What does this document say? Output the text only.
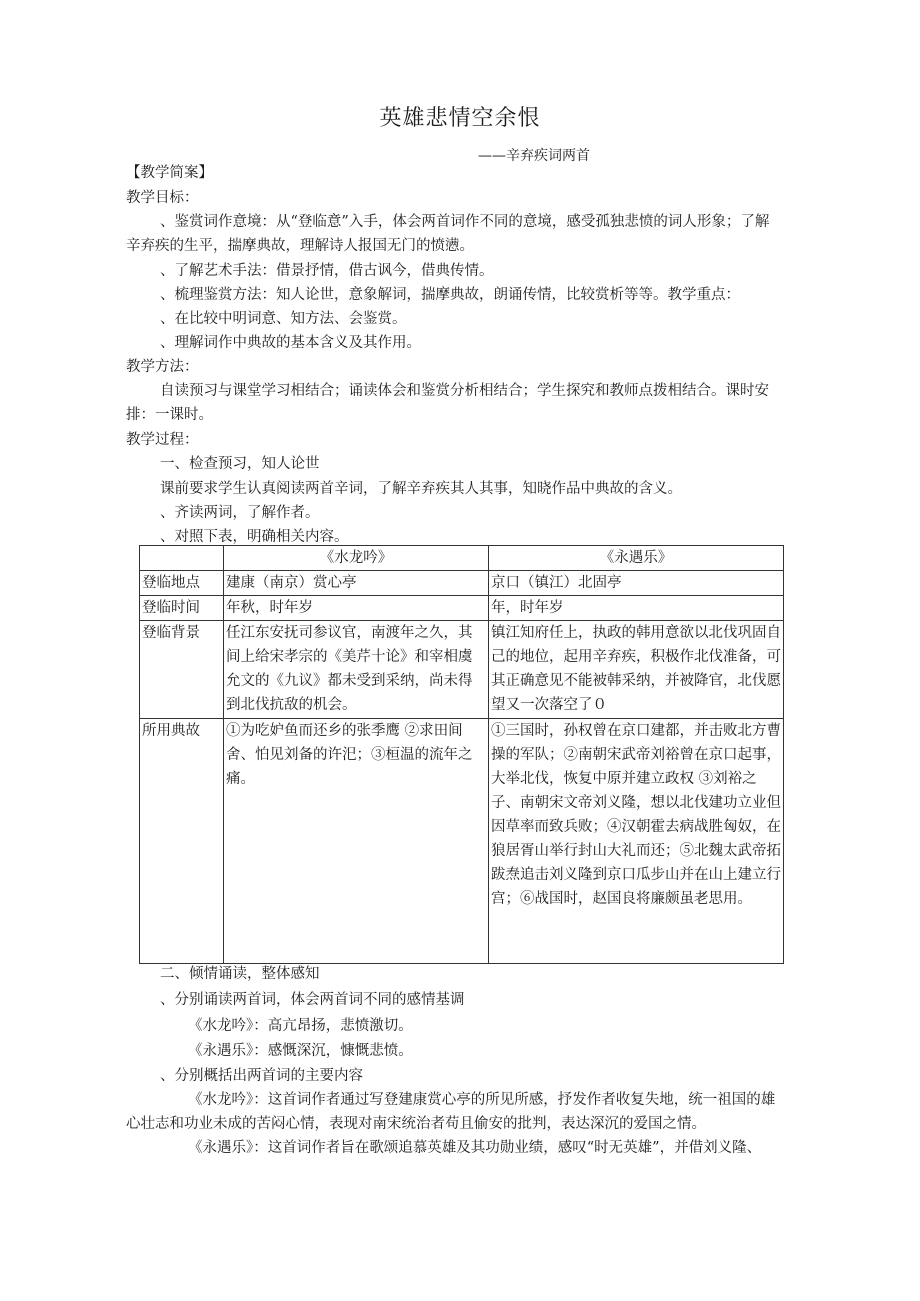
英雄悲情空余恨
——辛弃疾词两首
【教学简案】
教学目标：
、鉴赏词作意境：从“登临意”入手，体会两首词作不同的意境，感受孤独悲愤的词人形象；了解
辛弃疾的生平，揣摩典故，理解诗人报国无门的愤懑。
、了解艺术手法：借景抒情，借古讽今，借典传情。
、梳理鉴赏方法：知人论世，意象解词，揣摩典故，朗诵传情，比较赏析等等。教学重点：
、在比较中明词意、知方法、会鉴赏。
、理解词作中典故的基本含义及其作用。
教学方法：
自读预习与课堂学习相结合；诵读体会和鉴赏分析相结合；学生探究和教师点拨相结合。课时安
排：一课时。
教学过程：
一、检查预习，知人论世
课前要求学生认真阅读两首辛词，了解辛弃疾其人其事，知晓作品中典故的含义。
、齐读两词，了解作者。
、对照下表，明确相关内容。
	《水龙吟》	《永遇乐》
登临地点	建康（南京）赏心亭	京口（镇江）北固亭
登临时间	年秋，时年岁	年，时年岁
登临背景	任江东安抚司参议官，南渡年之久，其间上给宋孝宗的《美芹十论》和宰相虞允文的《九议》都未受到采纳，尚未得到北伐抗敌的机会。	镇江知府任上，执政的韩用意欲以北伐巩固自己的地位，起用辛弃疾，积极作北伐准备，可其正确意见不能被韩采纳，并被降官，北伐愿望又一次落空了０
所用典故	①为吃妒鱼而还乡的张季鹰 ②求田间舍、怕见刘备的许汜；③桓温的流年之痛。	①三国时，孙权曾在京口建都，并击败北方曹操的军队；②南朝宋武帝刘裕曾在京口起事，大举北伐，恢复中原并建立政权 ③刘裕之子、南朝宋文帝刘义隆，想以北伐建功立业但因草率而致兵败；④汉朝霍去病战胜匈奴，在狼居胥山举行封山大礼而还；⑤北魏太武帝拓跋焘追击刘义隆到京口瓜步山并在山上建立行宫；⑥战国时，赵国良将廉颇虽老思用。
二、倾情诵读，整体感知
、分别诵读两首词，体会两首词不同的感情基调
《水龙吟》：高亢昂扬，悲愤激切。
《永遇乐》：感慨深沉，慷慨悲愤。
、分别概括出两首词的主要内容
《水龙吟》：这首词作者通过写登建康赏心亭的所见所感，抒发作者收复失地，统一祖国的雄
心壮志和功业未成的苦闷心情，表现对南宋统治者苟且偷安的批判，表达深沉的爱国之情。
《永遇乐》：这首词作者旨在歌颂追慕英雄及其功勋业绩，感叹“时无英雄”，并借刘义隆、
